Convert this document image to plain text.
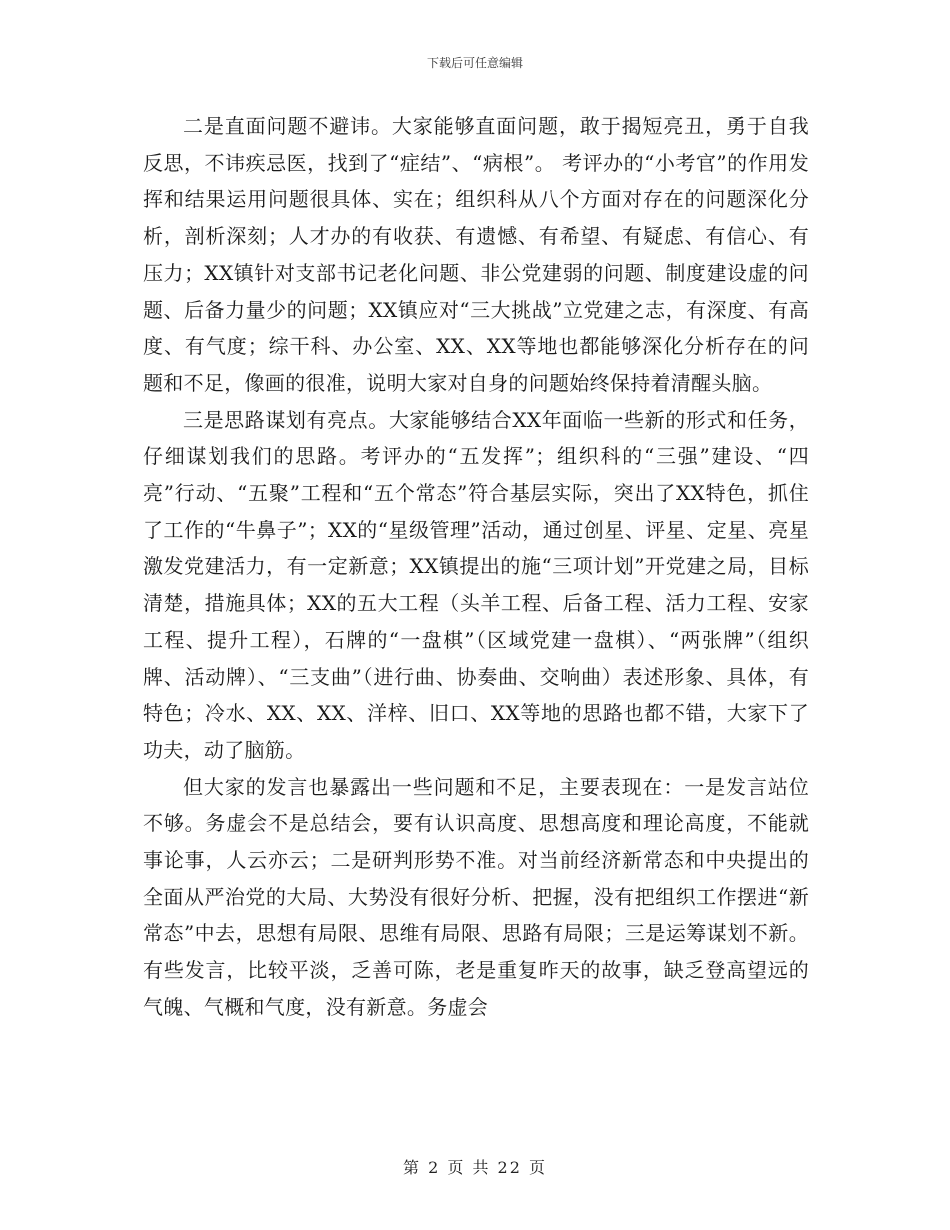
下载后可任意编辑

二是直面问题不避讳。大家能够直面问题，敢于揭短亮丑，勇于自我反思，不讳疾忌医，找到了“症结”、“病根”。 考评办的“小考官”的作用发挥和结果运用问题很具体、实在；组织科从八个方面对存在的问题深化分析，剖析深刻；人才办的有收获、有遗憾、有希望、有疑虑、有信心、有压力；XX镇针对支部书记老化问题、非公党建弱的问题、制度建设虚的问题、后备力量少的问题；XX镇应对“三大挑战”立党建之志，有深度、有高度、有气度；综干科、办公室、XX、XX等地也都能够深化分析存在的问题和不足，像画的很准，说明大家对自身的问题始终保持着清醒头脑。

三是思路谋划有亮点。大家能够结合XX年面临一些新的形式和任务，仔细谋划我们的思路。考评办的“五发挥”；组织科的“三强”建设、“四亮”行动、“五聚”工程和“五个常态”符合基层实际，突出了XX特色，抓住了工作的“牛鼻子”；XX的“星级管理”活动，通过创星、评星、定星、亮星激发党建活力，有一定新意；XX镇提出的施“三项计划”开党建之局，目标清楚，措施具体；XX的五大工程（头羊工程、后备工程、活力工程、安家工程、提升工程），石牌的“一盘棋”（区域党建一盘棋）、“两张牌”（组织牌、活动牌）、“三支曲”（进行曲、协奏曲、交响曲）表述形象、具体，有特色；冷水、XX、XX、洋梓、旧口、XX等地的思路也都不错，大家下了功夫，动了脑筋。

但大家的发言也暴露出一些问题和不足，主要表现在：一是发言站位不够。务虚会不是总结会，要有认识高度、思想高度和理论高度，不能就事论事，人云亦云；二是研判形势不准。对当前经济新常态和中央提出的全面从严治党的大局、大势没有很好分析、把握，没有把组织工作摆进“新常态”中去，思想有局限、思维有局限、思路有局限；三是运筹谋划不新。有些发言，比较平淡，乏善可陈，老是重复昨天的故事，缺乏登高望远的气魄、气概和气度，没有新意。务虚会

第 2 页 共 22 页
